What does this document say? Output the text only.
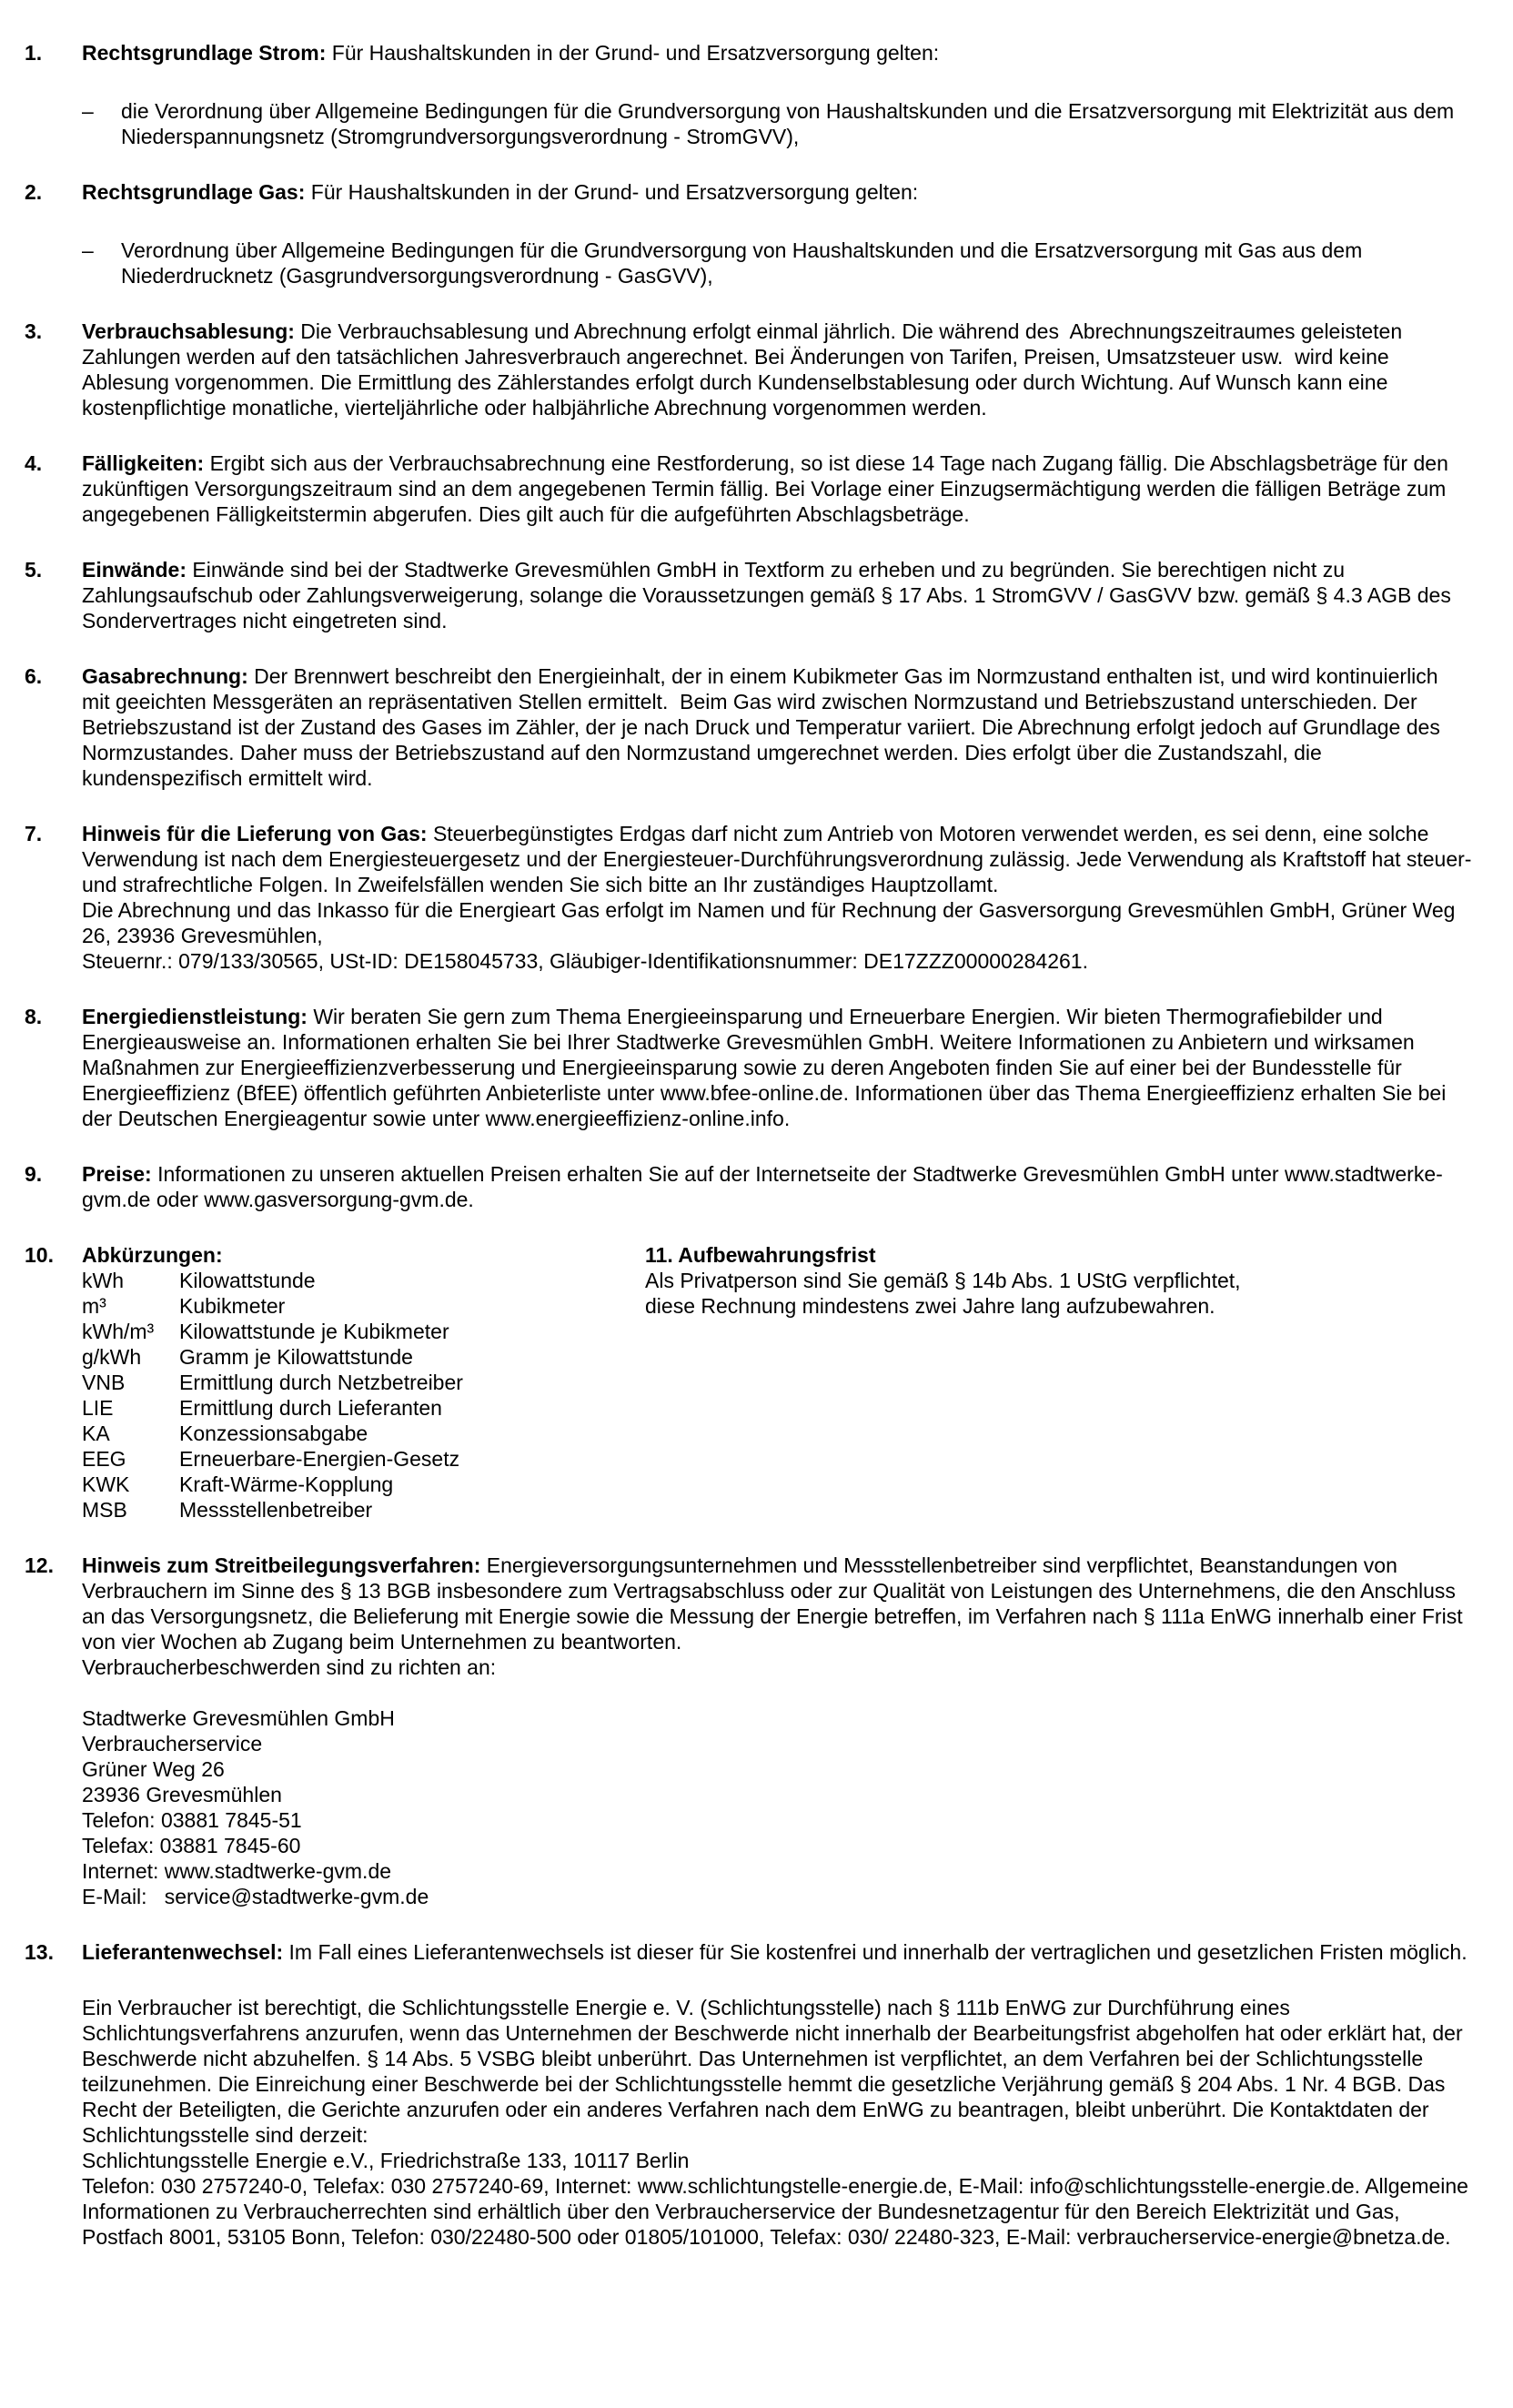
1.	Rechtsgrundlage Strom: Für Haushaltskunden in der Grund- und Ersatzversorgung gelten:

–	die Verordnung über Allgemeine Bedingungen für die Grundversorgung von Haushaltskunden und die Ersatzversorgung mit Elektrizität aus dem Niederspannungsnetz (Stromgrundversorgungsverordnung - StromGVV),
2.	Rechtsgrundlage Gas: Für Haushaltskunden in der Grund- und Ersatzversorgung gelten:

–	Verordnung über Allgemeine Bedingungen für die Grundversorgung von Haushaltskunden und die Ersatzversorgung mit Gas aus dem Niederdrucknetz (Gasgrundversorgungsverordnung - GasGVV),
3.	Verbrauchsablesung: Die Verbrauchsablesung und Abrechnung erfolgt einmal jährlich. Die während des  Abrechnungszeitraumes geleisteten Zahlungen werden auf den tatsächlichen Jahresverbrauch angerechnet. Bei Änderungen von Tarifen, Preisen, Umsatzsteuer usw.  wird keine Ablesung vorgenommen. Die Ermittlung des Zählerstandes erfolgt durch Kundenselbstablesung oder durch Wichtung. Auf Wunsch kann eine kostenpflichtige monatliche, vierteljährliche oder halbjährliche Abrechnung vorgenommen werden.

4.	Fälligkeiten: Ergibt sich aus der Verbrauchsabrechnung eine Restforderung, so ist diese 14 Tage nach Zugang fällig. Die Abschlagsbeträge für den zukünftigen Versorgungszeitraum sind an dem angegebenen Termin fällig. Bei Vorlage einer Einzugsermächtigung werden die fälligen Beträge zum angegebenen Fälligkeitstermin abgerufen. Dies gilt auch für die aufgeführten Abschlagsbeträge.

5.	Einwände: Einwände sind bei der Stadtwerke Grevesmühlen GmbH in Textform zu erheben und zu begründen. Sie berechtigen nicht zu Zahlungsaufschub oder Zahlungsverweigerung, solange die Voraussetzungen gemäß § 17 Abs. 1 StromGVV / GasGVV bzw. gemäß § 4.3 AGB des Sondervertrages nicht eingetreten sind.

6.	Gasabrechnung: Der Brennwert beschreibt den Energieinhalt, der in einem Kubikmeter Gas im Normzustand enthalten ist, und wird kontinuierlich  mit geeichten Messgeräten an repräsentativen Stellen ermittelt.  Beim Gas wird zwischen Normzustand und Betriebszustand unterschieden. Der Betriebszustand ist der Zustand des Gases im Zähler, der je nach Druck und Temperatur variiert. Die Abrechnung erfolgt jedoch auf Grundlage des Normzustandes. Daher muss der Betriebszustand auf den Normzustand umgerechnet werden. Dies erfolgt über die Zustandszahl, die kundenspezifisch ermittelt wird.

7.	Hinweis für die Lieferung von Gas: Steuerbegünstigtes Erdgas darf nicht zum Antrieb von Motoren verwendet werden, es sei denn, eine solche Verwendung ist nach dem Energiesteuergesetz und der Energiesteuer-Durchführungsverordnung zulässig. Jede Verwendung als Kraftstoff hat steuer- und strafrechtliche Folgen. In Zweifelsfällen wenden Sie sich bitte an Ihr zuständiges Hauptzollamt.

Die Abrechnung und das Inkasso für die Energieart Gas erfolgt im Namen und für Rechnung der Gasversorgung Grevesmühlen GmbH, Grüner Weg 26, 23936 Grevesmühlen,
Steuernr.: 079/133/30565, USt-ID: DE158045733, Gläubiger-Identifikationsnummer: DE17ZZZ00000284261.
8.	Energiedienstleistung: Wir beraten Sie gern zum Thema Energieeinsparung und Erneuerbare Energien. Wir bieten Thermografiebilder und Energieausweise an. Informationen erhalten Sie bei Ihrer Stadtwerke Grevesmühlen GmbH. Weitere Informationen zu Anbietern und wirksamen Maßnahmen zur Energieeffizienzverbesserung und Energieeinsparung sowie zu deren Angeboten finden Sie auf einer bei der Bundesstelle für Energieeffizienz (BfEE) öffentlich geführten Anbieterliste unter www.bfee-online.de. Informationen über das Thema Energieeffizienz erhalten Sie bei der Deutschen Energieagentur sowie unter www.energieeffizienz-online.info.

9.	Preise: Informationen zu unseren aktuellen Preisen erhalten Sie auf der Internetseite der Stadtwerke Grevesmühlen GmbH unter www.stadtwerke-gvm.de oder www.gasversorgung-gvm.de.

10.	Abkürzungen:

kWh	Kilowattstunde
m³	Kubikmeter
kWh/m³	Kilowattstunde je Kubikmeter
g/kWh	Gramm je Kilowattstunde
VNB	Ermittlung durch Netzbetreiber
LIE	Ermittlung durch Lieferanten
KA	Konzessionsabgabe
EEG	Erneuerbare-Energien-Gesetz
KWK	Kraft-Wärme-Kopplung
MSB	Messstellenbetreiber

11. Aufbewahrungsfrist

Als Privatperson sind Sie gemäß § 14b Abs. 1 UStG verpflichtet,
diese Rechnung mindestens zwei Jahre lang aufzubewahren.
12.	Hinweis zum Streitbeilegungsverfahren: Energieversorgungsunternehmen und Messstellenbetreiber sind verpflichtet, Beanstandungen von Verbrauchern im Sinne des § 13 BGB insbesondere zum Vertragsabschluss oder zur Qualität von Leistungen des Unternehmens, die den Anschluss an das Versorgungsnetz, die Belieferung mit Energie sowie die Messung der Energie betreffen, im Verfahren nach § 111a EnWG innerhalb einer Frist von vier Wochen ab Zugang beim Unternehmen zu beantworten.

Verbraucherbeschwerden sind zu richten an:
Stadtwerke Grevesmühlen GmbH
Verbraucherservice
Grüner Weg 26
23936 Grevesmühlen
Telefon: 03881 7845-51
Telefax: 03881 7845-60
Internet: www.stadtwerke-gvm.de
E-Mail:   service@stadtwerke-gvm.de
13.	Lieferantenwechsel: Im Fall eines Lieferantenwechsels ist dieser für Sie kostenfrei und innerhalb der vertraglichen und gesetzlichen Fristen möglich.

Ein Verbraucher ist berechtigt, die Schlichtungsstelle Energie e. V. (Schlichtungsstelle) nach § 111b EnWG zur Durchführung eines Schlichtungsverfahrens anzurufen, wenn das Unternehmen der Beschwerde nicht innerhalb der Bearbeitungsfrist abgeholfen hat oder erklärt hat, der Beschwerde nicht abzuhelfen. § 14 Abs. 5 VSBG bleibt unberührt. Das Unternehmen ist verpflichtet, an dem Verfahren bei der Schlichtungsstelle teilzunehmen. Die Einreichung einer Beschwerde bei der Schlichtungsstelle hemmt die gesetzliche Verjährung gemäß § 204 Abs. 1 Nr. 4 BGB. Das Recht der Beteiligten, die Gerichte anzurufen oder ein anderes Verfahren nach dem EnWG zu beantragen, bleibt unberührt. Die Kontaktdaten der Schlichtungsstelle sind derzeit:
Schlichtungsstelle Energie e.V., Friedrichstraße 133, 10117 Berlin
Telefon: 030 2757240-0, Telefax: 030 2757240-69, Internet: www.schlichtungstelle-energie.de, E-Mail: info@schlichtungsstelle-energie.de. Allgemeine Informationen zu Verbraucherrechten sind erhältlich über den Verbraucherservice der Bundesnetzagentur für den Bereich Elektrizität und Gas, Postfach 8001, 53105 Bonn, Telefon: 030/22480-500 oder 01805/101000, Telefax: 030/ 22480-323, E-Mail: verbraucherservice-energie@bnetza.de.
